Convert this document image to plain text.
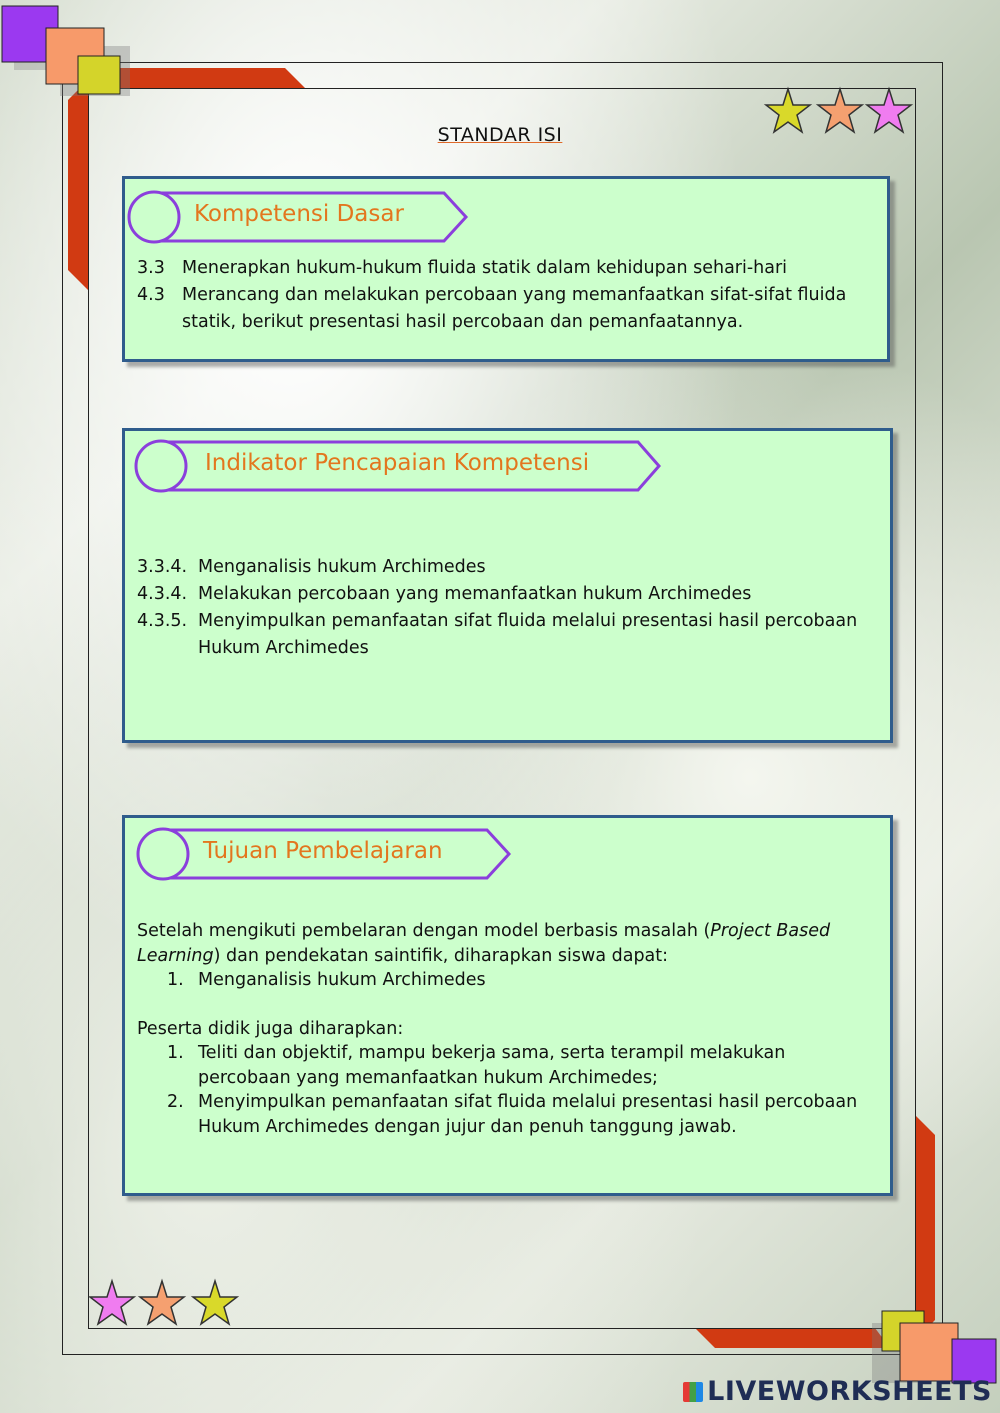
STANDAR ISI
Kompetensi Dasar
3.3 Menerapkan hukum-hukum fluida statik dalam kehidupan sehari-hari
4.3 Merancang dan melakukan percobaan yang memanfaatkan sifat-sifat fluida statik, berikut presentasi hasil percobaan dan pemanfaatannya.
Indikator Pencapaian Kompetensi
3.3.4. Menganalisis hukum Archimedes
4.3.4. Melakukan percobaan yang memanfaatkan hukum Archimedes
4.3.5. Menyimpulkan pemanfaatan sifat fluida melalui presentasi hasil percobaan Hukum Archimedes
Tujuan Pembelajaran
Setelah mengikuti pembelaran dengan model berbasis masalah (Project Based Learning) dan pendekatan saintifik, diharapkan siswa dapat:
1. Menganalisis hukum Archimedes
Peserta didik juga diharapkan:
1. Teliti dan objektif, mampu bekerja sama, serta terampil melakukan percobaan yang memanfaatkan hukum Archimedes;
2. Menyimpulkan pemanfaatan sifat fluida melalui presentasi hasil percobaan Hukum Archimedes dengan jujur dan penuh tanggung jawab.
LIVEWORKSHEETS
